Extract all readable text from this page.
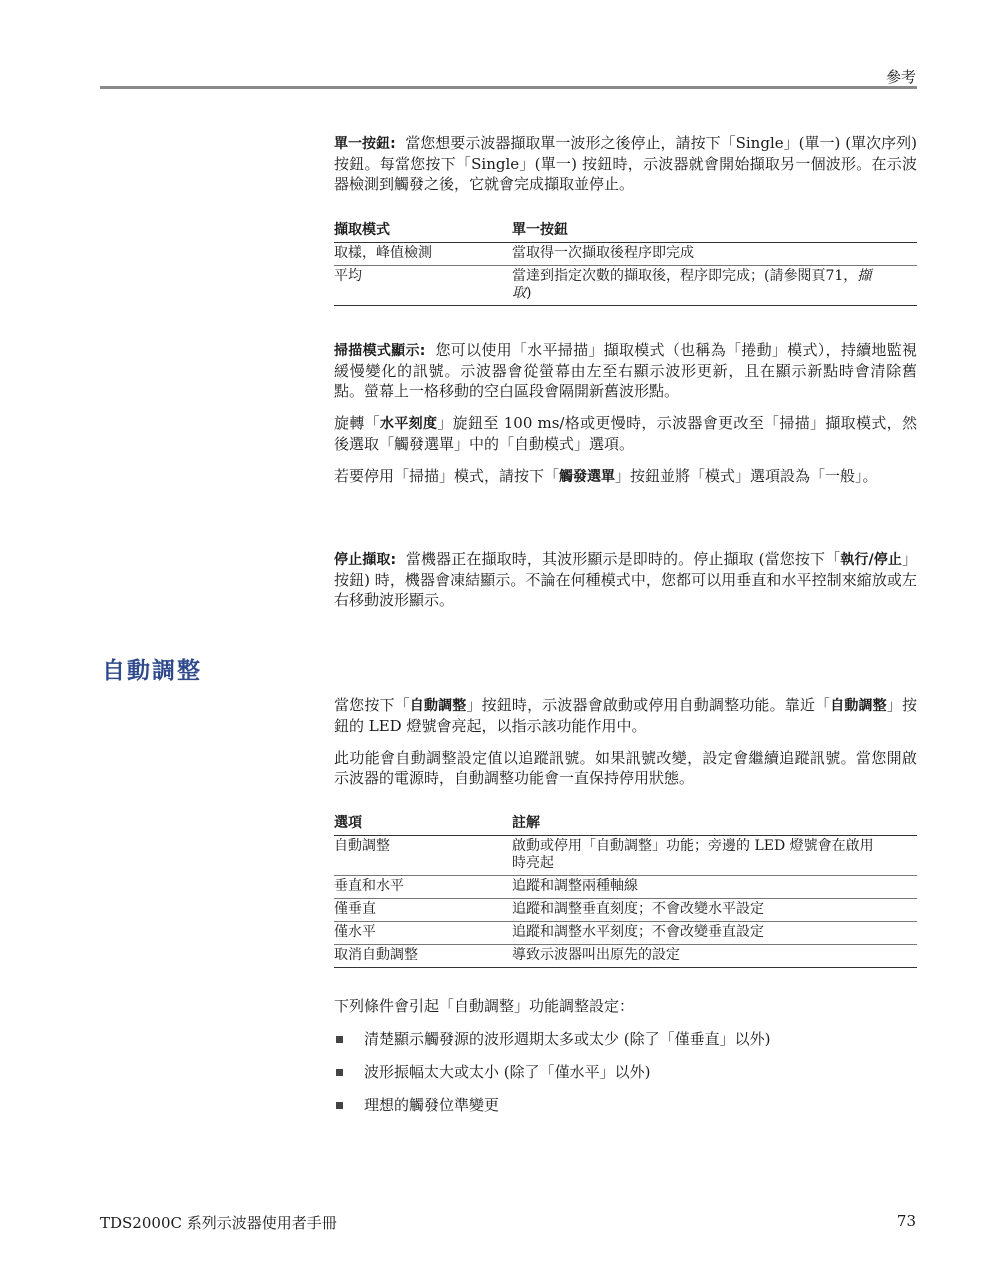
參考

單一按鈕: 當您想要示波器擷取單一波形之後停止，請按下「Single」(單一) (單次序列) 按鈕。每當您按下「Single」(單一) 按鈕時，示波器就會開始擷取另一個波形。在示波器檢測到觸發之後，它就會完成擷取並停止。

擷取模式	單一按鈕
取樣，峰值檢測	當取得一次擷取後程序即完成
平均	當達到指定次數的擷取後，程序即完成；(請參閱頁71，擷取)

掃描模式顯示: 您可以使用「水平掃描」擷取模式（也稱為「捲動」模式），持續地監視緩慢變化的訊號。示波器會從螢幕由左至右顯示波形更新，且在顯示新點時會清除舊點。螢幕上一格移動的空白區段會隔開新舊波形點。

旋轉「水平刻度」旋鈕至 100 ms/格或更慢時，示波器會更改至「掃描」擷取模式，然後選取「觸發選單」中的「自動模式」選項。

若要停用「掃描」模式，請按下「觸發選單」按鈕並將「模式」選項設為「一般」。

停止擷取: 當機器正在擷取時，其波形顯示是即時的。停止擷取 (當您按下「執行/停止」按鈕) 時，機器會凍結顯示。不論在何種模式中，您都可以用垂直和水平控制來縮放或左右移動波形顯示。

自動調整

當您按下「自動調整」按鈕時，示波器會啟動或停用自動調整功能。靠近「自動調整」按鈕的 LED 燈號會亮起，以指示該功能作用中。

此功能會自動調整設定值以追蹤訊號。如果訊號改變，設定會繼續追蹤訊號。當您開啟示波器的電源時，自動調整功能會一直保持停用狀態。

選項	註解
自動調整	啟動或停用「自動調整」功能；旁邊的 LED 燈號會在啟用時亮起
垂直和水平	追蹤和調整兩種軸線
僅垂直	追蹤和調整垂直刻度；不會改變水平設定
僅水平	追蹤和調整水平刻度；不會改變垂直設定
取消自動調整	導致示波器叫出原先的設定

下列條件會引起「自動調整」功能調整設定：

清楚顯示觸發源的波形週期太多或太少 (除了「僅垂直」以外)
波形振幅太大或太小 (除了「僅水平」以外)
理想的觸發位準變更
TDS2000C 系列示波器使用者手冊	73
